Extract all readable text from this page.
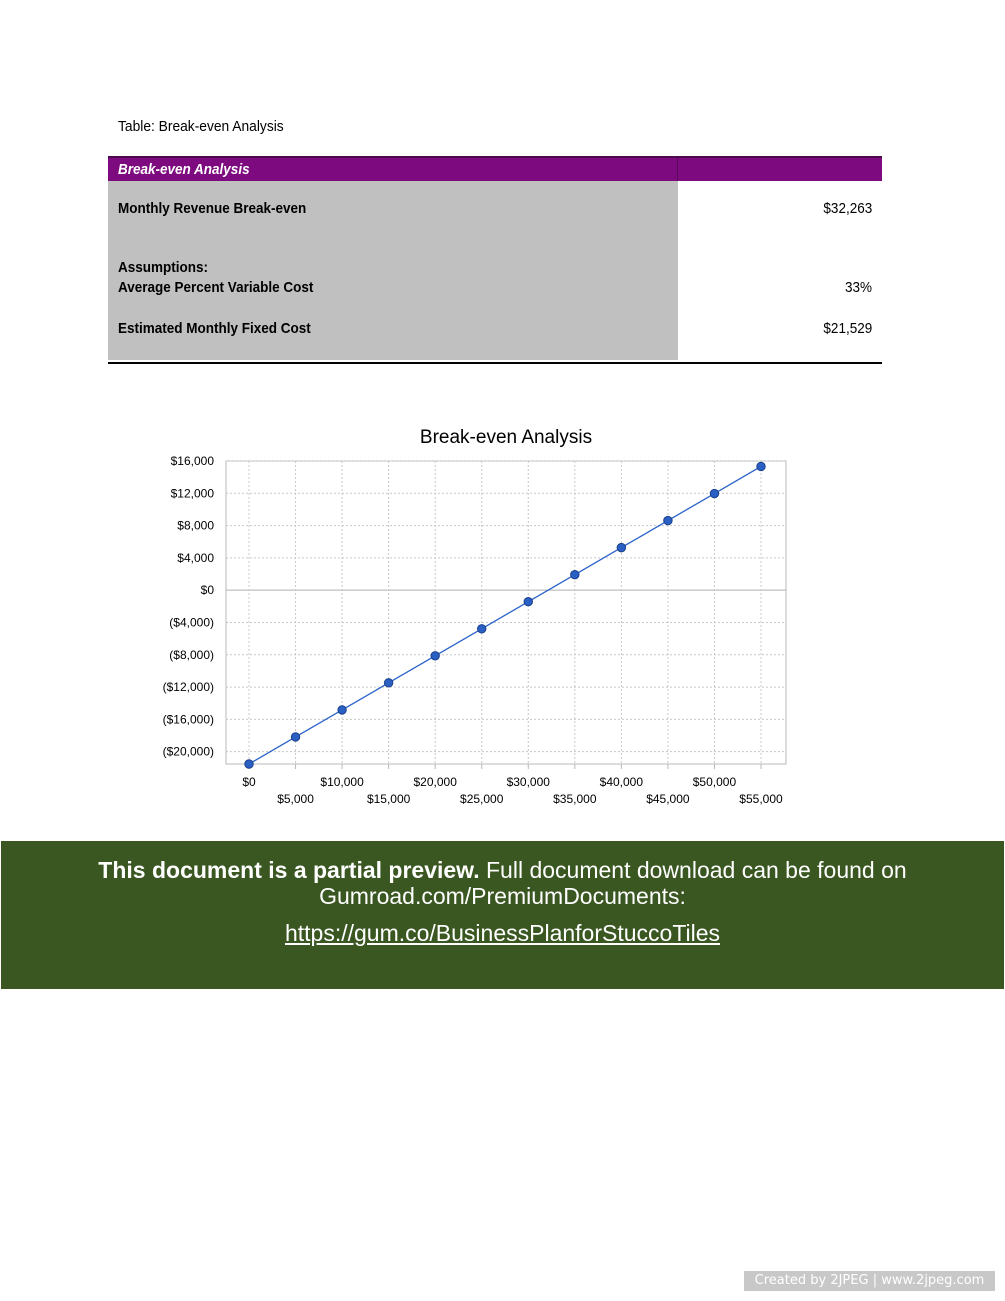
Table: Break-even Analysis
Break-even Analysis
Monthly Revenue Break-even	$32,263
Assumptions:
Average Percent Variable Cost	33%
Estimated Monthly Fixed Cost	$21,529
Break-even Analysis
$16,000
$12,000
$8,000
$4,000
$0
($4,000)
($8,000)
($12,000)
($16,000)
($20,000)
$0
$5,000
$10,000
$15,000
$20,000
$25,000
$30,000
$35,000
$40,000
$45,000
$50,000
$55,000
This document is a partial preview. Full document download can be found on
Gumroad.com/PremiumDocuments:
https://gum.co/BusinessPlanforStuccoTiles
Created by 2JPEG | www.2jpeg.com
